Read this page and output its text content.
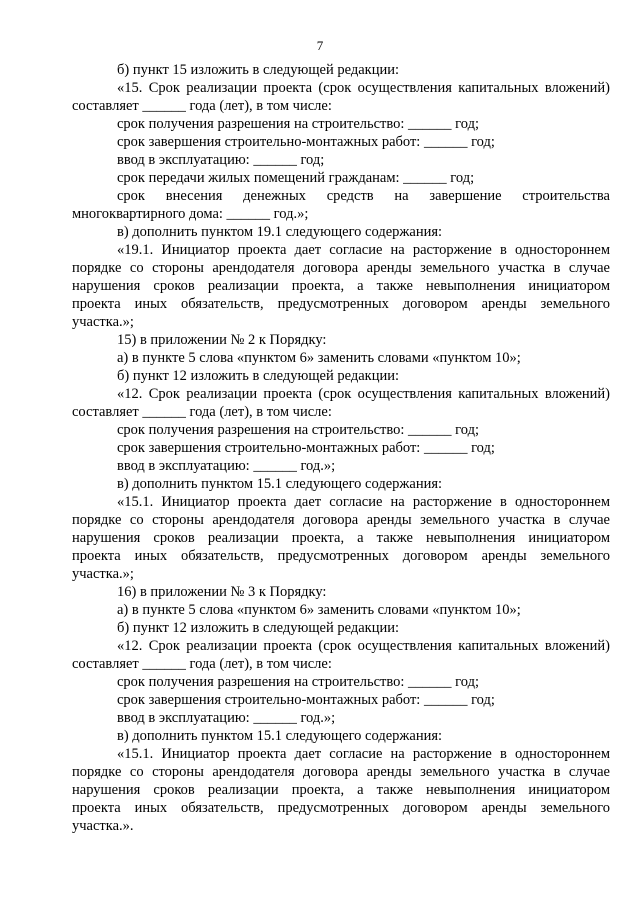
7
б) пункт 15 изложить в следующей редакции:
«15. Срок реализации проекта (срок осуществления капитальных вложений)
составляет ______ года (лет), в том числе:
срок получения разрешения на строительство: ______ год;
срок завершения строительно-монтажных работ: ______ год;
ввод в эксплуатацию: ______ год;
срок передачи жилых помещений гражданам: ______ год;
срок внесения денежных средств на завершение строительства
многоквартирного дома: ______ год.»;
в) дополнить пунктом 19.1 следующего содержания:
«19.1. Инициатор проекта дает согласие на расторжение в одностороннем
порядке со стороны арендодателя договора аренды земельного участка в случае
нарушения сроков реализации проекта, а также невыполнения инициатором
проекта иных обязательств, предусмотренных договором аренды земельного
участка.»;
15) в приложении № 2 к Порядку:
а) в пункте 5 слова «пунктом 6» заменить словами «пунктом 10»;
б) пункт 12 изложить в следующей редакции:
«12. Срок реализации проекта (срок осуществления капитальных вложений)
составляет ______ года (лет), в том числе:
срок получения разрешения на строительство: ______ год;
срок завершения строительно-монтажных работ: ______ год;
ввод в эксплуатацию: ______ год.»;
в) дополнить пунктом 15.1 следующего содержания:
«15.1. Инициатор проекта дает согласие на расторжение в одностороннем
порядке со стороны арендодателя договора аренды земельного участка в случае
нарушения сроков реализации проекта, а также невыполнения инициатором
проекта иных обязательств, предусмотренных договором аренды земельного
участка.»;
16) в приложении № 3 к Порядку:
а) в пункте 5 слова «пунктом 6» заменить словами «пунктом 10»;
б) пункт 12 изложить в следующей редакции:
«12. Срок реализации проекта (срок осуществления капитальных вложений)
составляет ______ года (лет), в том числе:
срок получения разрешения на строительство: ______ год;
срок завершения строительно-монтажных работ: ______ год;
ввод в эксплуатацию: ______ год.»;
в) дополнить пунктом 15.1 следующего содержания:
«15.1. Инициатор проекта дает согласие на расторжение в одностороннем
порядке со стороны арендодателя договора аренды земельного участка в случае
нарушения сроков реализации проекта, а также невыполнения инициатором
проекта иных обязательств, предусмотренных договором аренды земельного
участка.».
